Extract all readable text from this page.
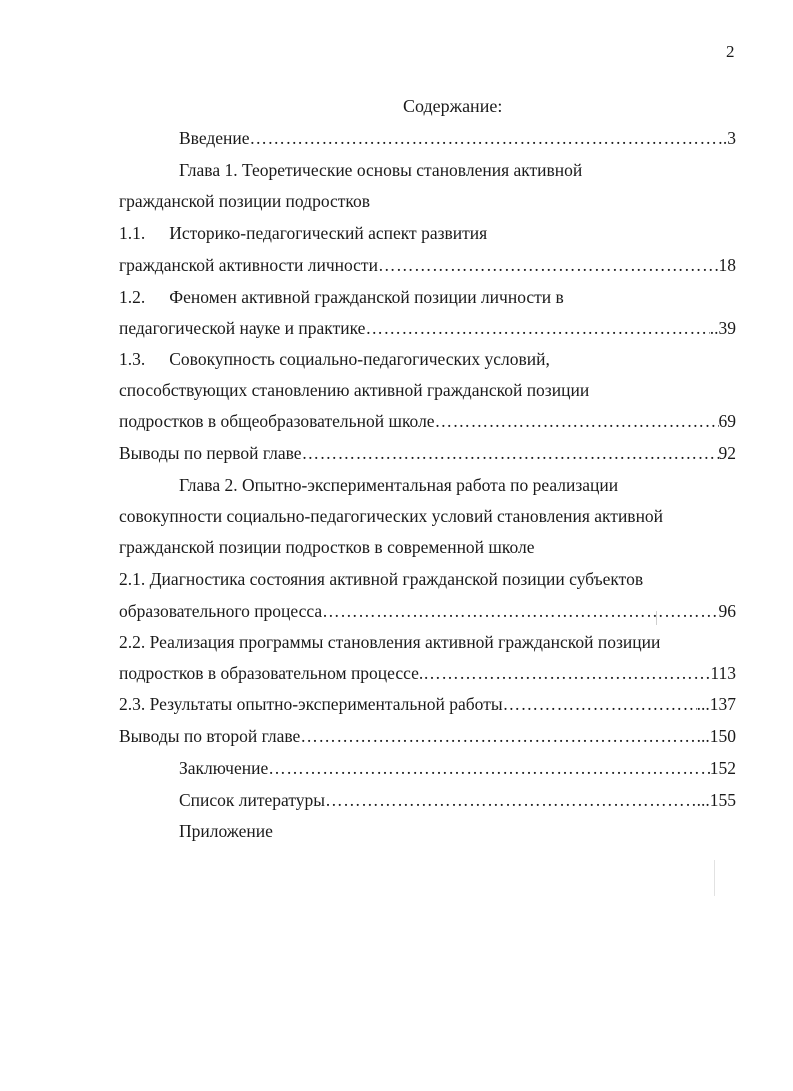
2
Содержание:
Введение …………………………………………………………………………………………………………………………………………………………………………	.3
Глава 1. Теоретические основы становления активной
гражданской позиции подростков
1.1. Историко-педагогический аспект развития
гражданской активности личности …………………………………………………………………………………………………………………………………………………………………………	18
1.2. Феномен активной гражданской позиции личности в
педагогической науке и практике …………………………………………………………………………………………………………………………………………………………………………	..39
1.3. Совокупность социально-педагогических условий,
способствующих становлению активной гражданской позиции
подростков в общеобразовательной школе …………………………………………………………………………………………………………………………………………………………………………	69
Выводы по первой главе …………………………………………………………………………………………………………………………………………………………………………	92
Глава 2. Опытно-экспериментальная работа по реализации
совокупности социально-педагогических условий становления активной
гражданской позиции подростков в современной школе
2.1. Диагностика состояния активной гражданской позиции субъектов
образовательного процесса …………………………………………………………………………………………………………………………………………………………………………	96
2.2. Реализация программы становления активной гражданской позиции
подростков в образовательном процессе. …………………………………………………………………………………………………………………………………………………………………………	113
2.3. Результаты опытно-экспериментальной работы …………………………………………………………………………………………………………………………………………………………………………	...137
Выводы по второй главе …………………………………………………………………………………………………………………………………………………………………………	...150
Заключение …………………………………………………………………………………………………………………………………………………………………………	152
Список литературы …………………………………………………………………………………………………………………………………………………………………………	...155
Приложение
